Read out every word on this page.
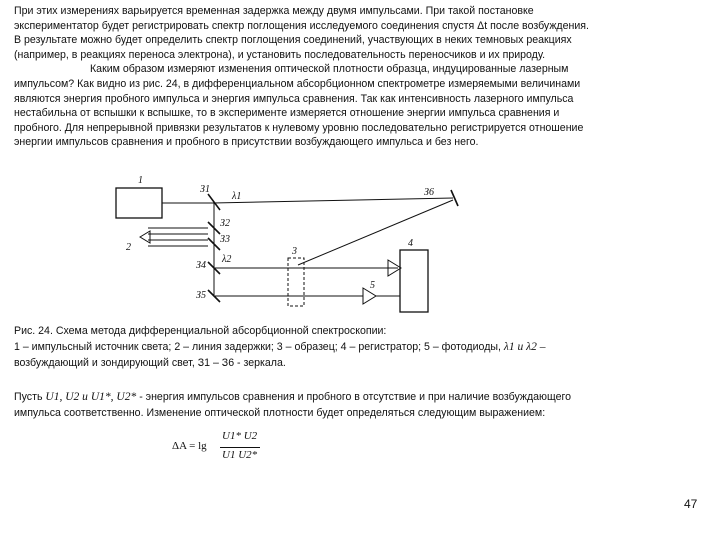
При этих измерениях варьируется временная задержка между двумя импульсами. При такой постановке

экспериментатор будет регистрировать спектр поглощения исследуемого соединения спустя Δt после возбуждения.

В результате можно будет определить спектр поглощения соединений, участвующих в неких темновых реакциях

(например, в реакциях переноса электрона), и установить последовательность переносчиков и их природу.

Каким образом измеряют изменения оптической плотности образца, индуцированные лазерным

импульсом? Как видно из рис. 24, в дифференциальном абсорбционном спектрометре измеряемыми величинами

являются энергия пробного импульса и энергия импульса сравнения. Так как интенсивность лазерного импульса

нестабильна от вспышки к вспышке, то в эксперименте измеряется отношение энергии импульса сравнения и

пробного. Для непрерывной привязки результатов к нулевому уровню последовательно регистрируется отношение

энергии импульсов сравнения и пробного в присутствии возбуждающего импульса и без него.

1
З1
λ1	З6
2
З2
З3
З4
λ2
З5
3
5
4

Рис. 24. Схема метода дифференциальной абсорбционной спектроскопии:

1 – импульсный источник света; 2 – линия задержки; 3 – образец; 4 – регистратор; 5 – фотодиоды, λ1 и λ2 –

возбуждающий и зондирующий свет, З1 – З6 - зеркала.

Пусть U1, U2 и U1*, U2* - энергия импульсов сравнения и пробного в отсутствие и при наличие возбуждающего

импульса соответственно. Изменение оптической плотности будет определяться следующим выражением:

ΔA = lg
U1* U2
U1 U2*
47
